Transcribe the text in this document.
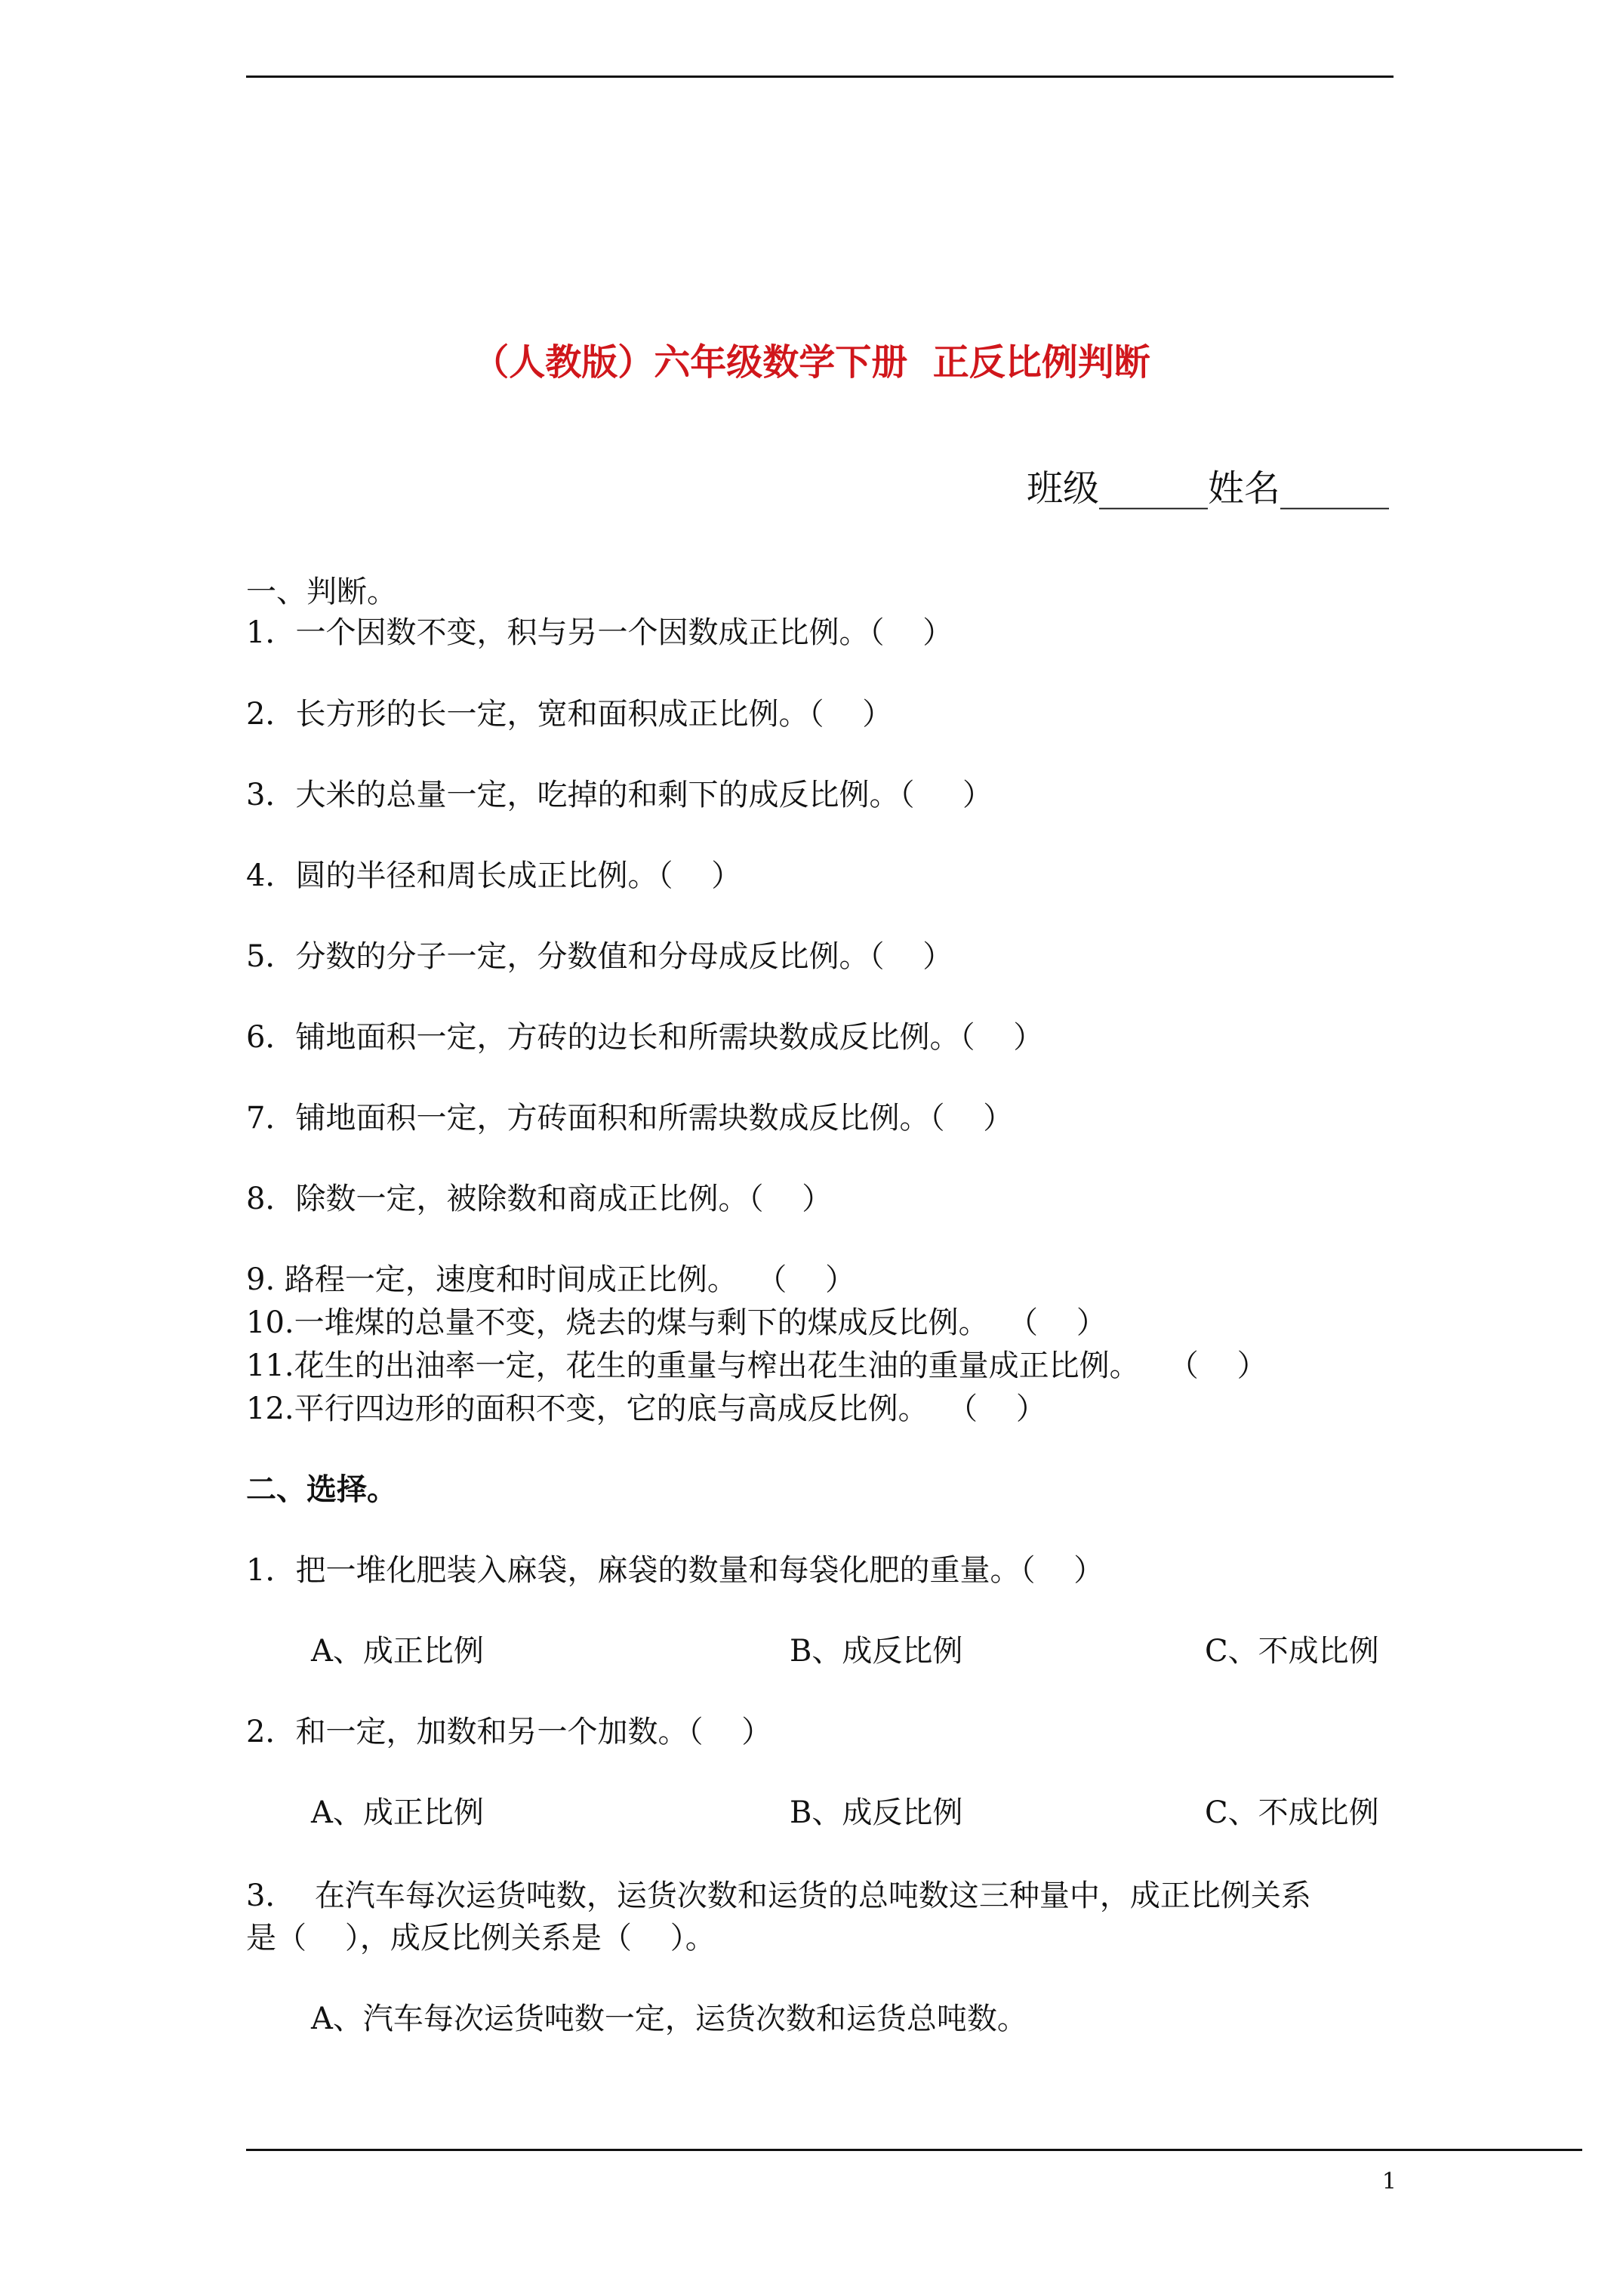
（人教版）六年级数学下册  正反比例判断
班级______姓名______
一、判断。
1．一个因数不变，积与另一个因数成正比例。（    ）
2．长方形的长一定，宽和面积成正比例。（    ）
3．大米的总量一定，吃掉的和剩下的成反比例。（     ）
4．圆的半径和周长成正比例。（    ）
5．分数的分子一定，分数值和分母成反比例。（    ）
6．铺地面积一定，方砖的边长和所需块数成反比例。（    ）
7．铺地面积一定，方砖面积和所需块数成反比例。（    ）
8．除数一定，被除数和商成正比例。（    ）
9. 路程一定，速度和时间成正比例。  （    ）
10.一堆煤的总量不变，烧去的煤与剩下的煤成反比例。  （    ）
11.花生的出油率一定，花生的重量与榨出花生油的重量成正比例。   （    ）
12.平行四边形的面积不变，它的底与高成反比例。  （    ）
二、选择。
1．把一堆化肥装入麻袋，麻袋的数量和每袋化肥的重量。（    ）
A、成正比例	B、成反比例	C、不成比例
2．和一定，加数和另一个加数。（    ）
A、成正比例	B、成反比例	C、不成比例
3．  在汽车每次运货吨数，运货次数和运货的总吨数这三种量中，成正比例关系
是（    ），成反比例关系是（    ）。
A、汽车每次运货吨数一定，运货次数和运货总吨数。
1
